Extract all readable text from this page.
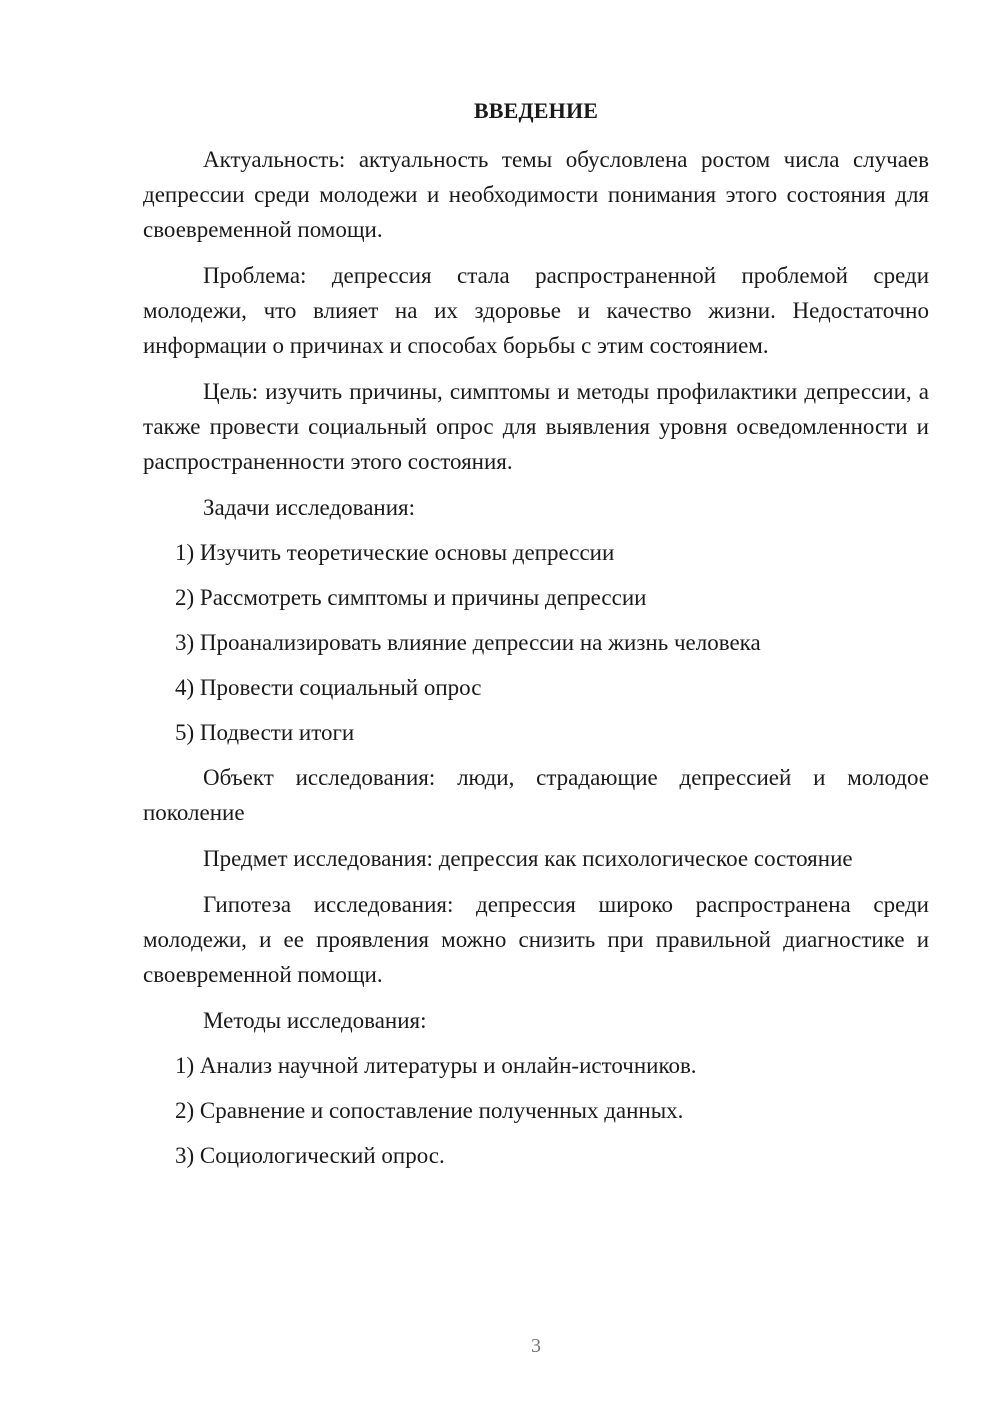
ВВЕДЕНИЕ

Актуальность: актуальность темы обусловлена ростом числа случаев депрессии среди молодежи и необходимости понимания этого состояния для своевременной помощи.

Проблема: депрессия стала распространенной проблемой среди молодежи, что влияет на их здоровье и качество жизни. Недостаточно информации о причинах и способах борьбы с этим состоянием.

Цель: изучить причины, симптомы и методы профилактики депрессии, а также провести социальный опрос для выявления уровня осведомленности и распространенности этого состояния.

Задачи исследования:

1) Изучить теоретические основы депрессии
2) Рассмотреть симптомы и причины депрессии
3) Проанализировать влияние депрессии на жизнь человека
4) Провести социальный опрос
5) Подвести итоги

Объект исследования: люди, страдающие депрессией и молодое поколение

Предмет исследования: депрессия как психологическое состояние

Гипотеза исследования: депрессия широко распространена среди молодежи, и ее проявления можно снизить при правильной диагностике и своевременной помощи.

Методы исследования:

1) Анализ научной литературы и онлайн-источников.
2) Сравнение и сопоставление полученных данных.
3) Социологический опрос.
3
